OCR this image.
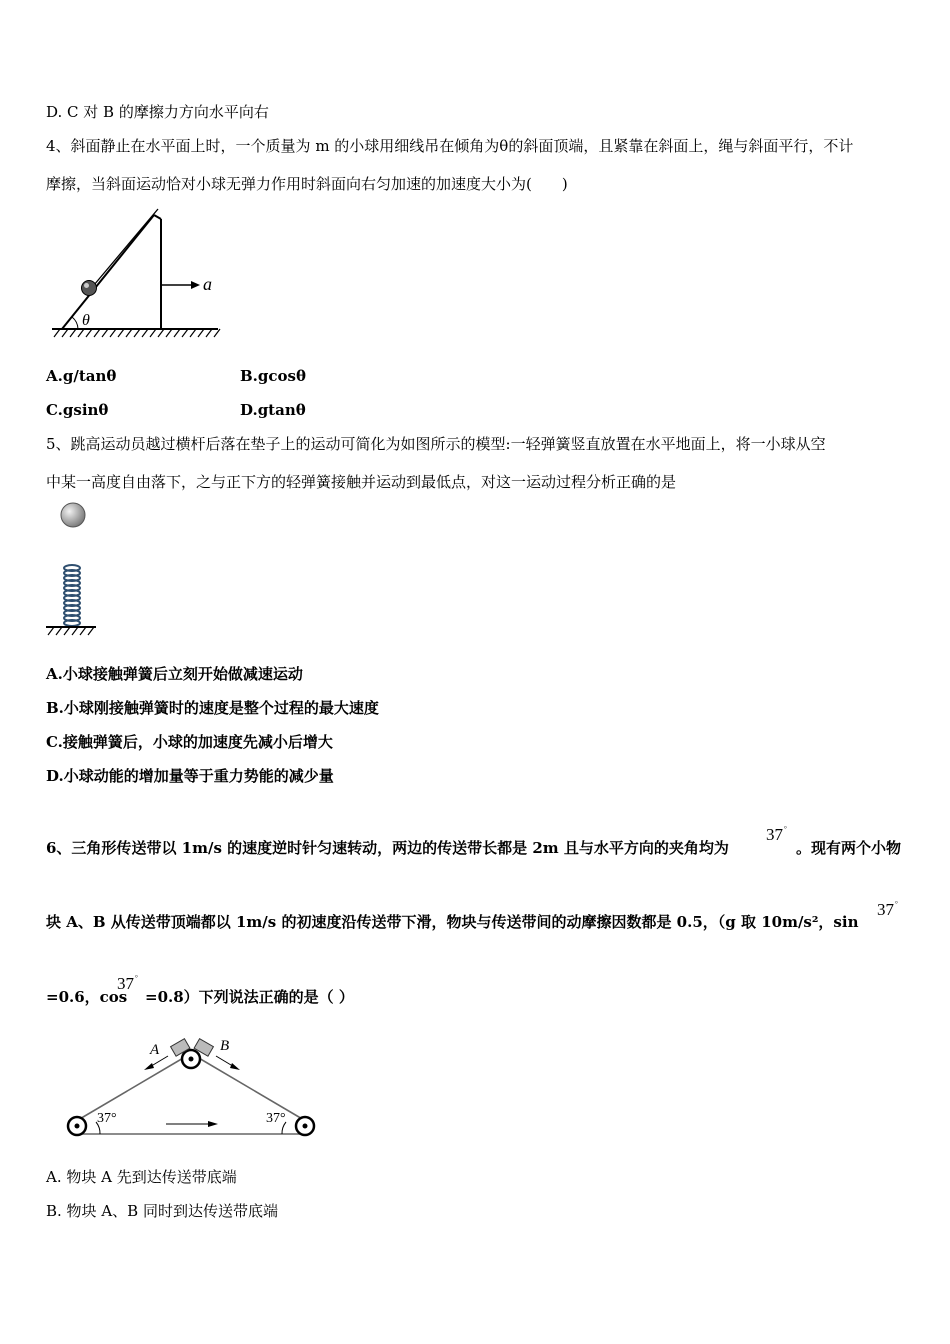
D. C 对 B 的摩擦力方向水平向右
4、斜面静止在水平面上时，一个质量为 m 的小球用细线吊在倾角为θ的斜面顶端，且紧靠在斜面上，绳与斜面平行，不计
摩擦，当斜面运动恰对小球无弹力作用时斜面向右匀加速的加速度大小为(　　)
θ
a
A.g/tanθ	B.gcosθ
C.gsinθ	D.gtanθ
5、跳高运动员越过横杆后落在垫子上的运动可简化为如图所示的模型:一轻弹簧竖直放置在水平地面上，将一小球从空
中某一高度自由落下，之与正下方的轻弹簧接触并运动到最低点，对这一运动过程分析正确的是
A.小球接触弹簧后立刻开始做减速运动
B.小球刚接触弹簧时的速度是整个过程的最大速度
C.接触弹簧后，小球的加速度先减小后增大
D.小球动能的增加量等于重力势能的减少量
6、三角形传送带以 1m/s 的速度逆时针匀速转动，两边的传送带长都是 2m 且与水平方向的夹角均为
37°
。现有两个小物
块 A、B 从传送带顶端都以 1m/s 的初速度沿传送带下滑，物块与传送带间的动摩擦因数都是 0.5，（g 取 10m/s²，sin
37°
=0.6，cos
37°
=0.8）下列说法正确的是（ ）
A	B
37°	37°
A. 物块 A 先到达传送带底端
B. 物块 A、B 同时到达传送带底端
